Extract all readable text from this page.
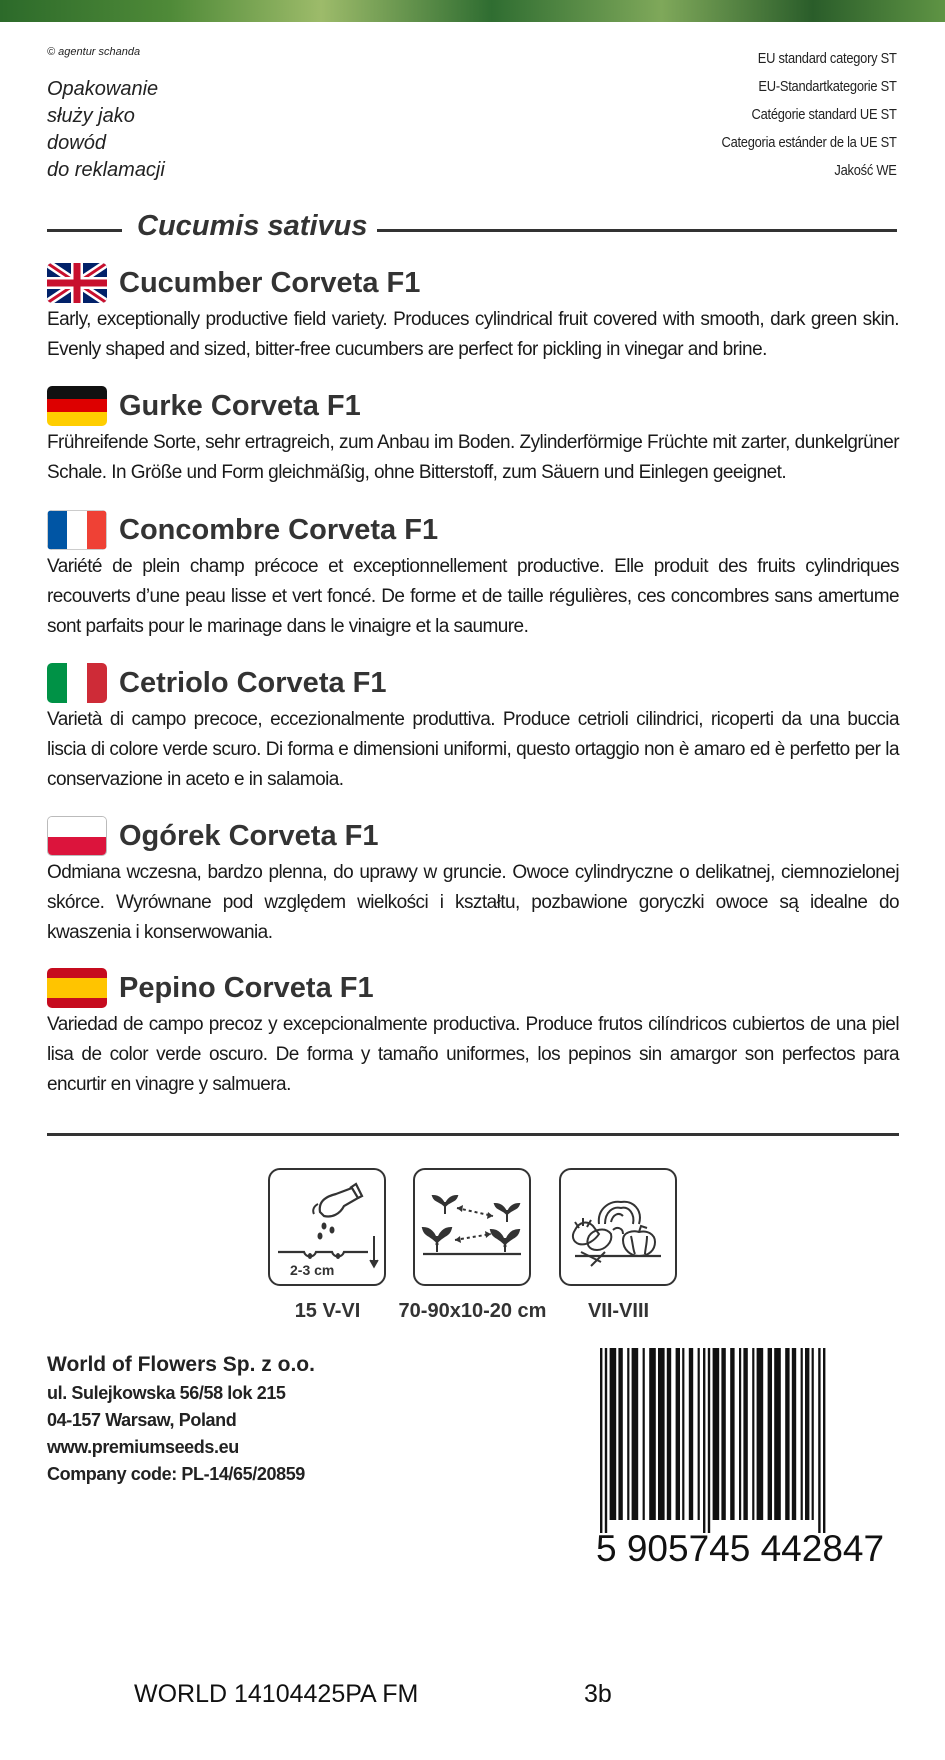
© agentur schanda
Opakowanie
służy jako
dowód
do reklamacji
EU standard category ST
EU-Standartkategorie ST
Catégorie standard UE ST
Categoria estánder de la UE ST
Jakość WE
Cucumis sativus
Cucumber Corveta F1
Early, exceptionally productive field variety. Produces cylindrical fruit covered with smooth, dark green skin. Evenly shaped and sized, bitter-free cucumbers are perfect for pickling in vinegar and brine.
Gurke Corveta F1
Frühreifende Sorte, sehr ertragreich, zum Anbau im Boden. Zylinderförmige Früchte mit zarter, dunkelgrüner Schale. In Größe und Form gleichmäßig, ohne Bitterstoff, zum Säuern und Einlegen geeignet.
Concombre Corveta F1
Variété de plein champ précoce et exceptionnellement productive. Elle produit des fruits cylindriques recouverts d’une peau lisse et vert foncé. De forme et de taille régulières, ces concombres sans amertume sont parfaits pour le marinage dans le vinaigre et la saumure.
Cetriolo Corveta F1
Varietà di campo precoce, eccezionalmente produttiva. Produce cetrioli cilindrici, ricoperti da una buccia liscia di colore verde scuro. Di forma e dimensioni uniformi, questo ortaggio non è amaro ed è perfetto per la conservazione in aceto e in salamoia.
Ogórek Corveta F1
Odmiana wczesna, bardzo plenna, do uprawy w gruncie. Owoce cylindryczne o delikatnej, ciemnozielonej skórce. Wyrównane pod względem wielkości i kształtu, pozbawione goryczki owoce są idealne do kwaszenia i konserwowania.
Pepino Corveta F1
Variedad de campo precoz y excepcionalmente productiva. Produce frutos cilíndricos cubiertos de una piel lisa de color verde oscuro. De forma y tamaño uniformes, los pepinos sin amargor son perfectos para encurtir en vinagre y salmuera.
2-3 cm
15 V-VI	70-90x10-20 cm	VII-VIII
World of Flowers Sp. z o.o.
ul. Sulejkowska 56/58 lok 215
04-157 Warsaw, Poland
www.premiumseeds.eu
Company code: PL-14/65/20859
5 905745 442847
WORLD 14104425PA FM	3b
